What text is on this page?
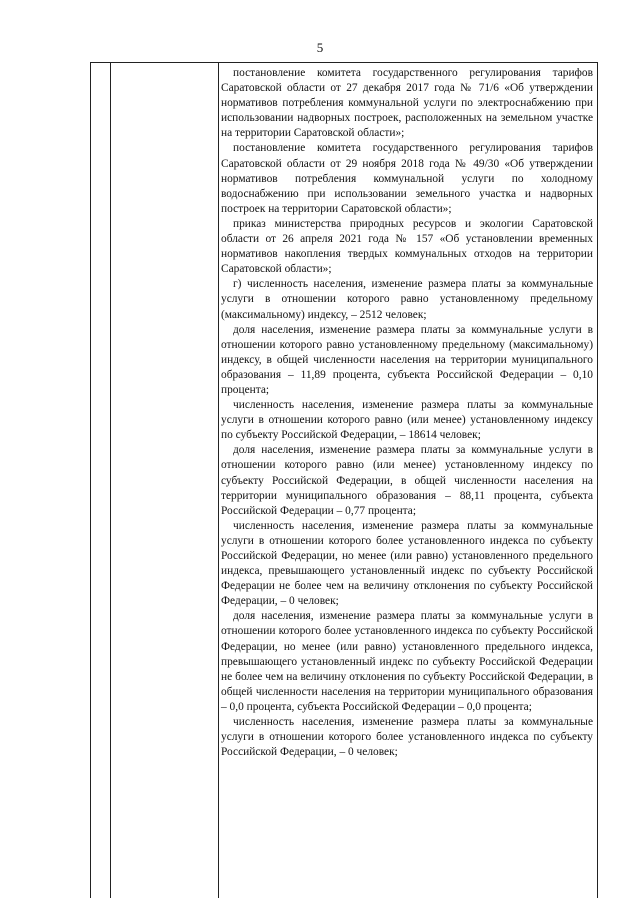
5

постановление комитета государственного регулирования тарифов Саратовской области от 27 декабря 2017 года № 71/6 «Об утверждении нормативов потребления коммунальной услуги по электроснабжению при использовании надворных построек, расположенных на земельном участке на территории Саратовской области»;

постановление комитета государственного регулирования тарифов Саратовской области от 29 ноября 2018 года № 49/30 «Об утверждении нормативов потребления коммунальной услуги по холодному водоснабжению при использовании земельного участка и надворных построек на территории Саратовской области»;

приказ министерства природных ресурсов и экологии Саратовской области от 26 апреля 2021 года № 157 «Об установлении временных нормативов накопления твердых коммунальных отходов на территории Саратовской области»;

г) численность населения, изменение размера платы за коммунальные услуги в отношении которого равно установленному предельному (максимальному) индексу, – 2512 человек;

доля населения, изменение размера платы за коммунальные услуги в отношении которого равно установленному предельному (максимальному) индексу, в общей численности населения на территории муниципального образования – 11,89 процента, субъекта Российской Федерации – 0,10 процента;

численность населения, изменение размера платы за коммунальные услуги в отношении которого равно (или менее) установленному индексу по субъекту Российской Федерации, – 18614 человек;

доля населения, изменение размера платы за коммунальные услуги в отношении которого равно (или менее) установленному индексу по субъекту Российской Федерации, в общей численности населения на территории муниципального образования – 88,11 процента, субъекта Российской Федерации – 0,77 процента;

численность населения, изменение размера платы за коммунальные услуги в отношении которого более установленного индекса по субъекту Российской Федерации, но менее (или равно) установленного предельного индекса, превышающего установленный индекс по субъекту Российской Федерации не более чем на величину отклонения по субъекту Российской Федерации, – 0 человек;

доля населения, изменение размера платы за коммунальные услуги в отношении которого более установленного индекса по субъекту Российской Федерации, но менее (или равно) установленного предельного индекса, превышающего установленный индекс по субъекту Российской Федерации не более чем на величину отклонения по субъекту Российской Федерации, в общей численности населения на территории муниципального образования – 0,0 процента, субъекта Российской Федерации – 0,0 процента;

численность населения, изменение размера платы за коммунальные услуги в отношении которого более установленного индекса по субъекту Российской Федерации, – 0 человек;
